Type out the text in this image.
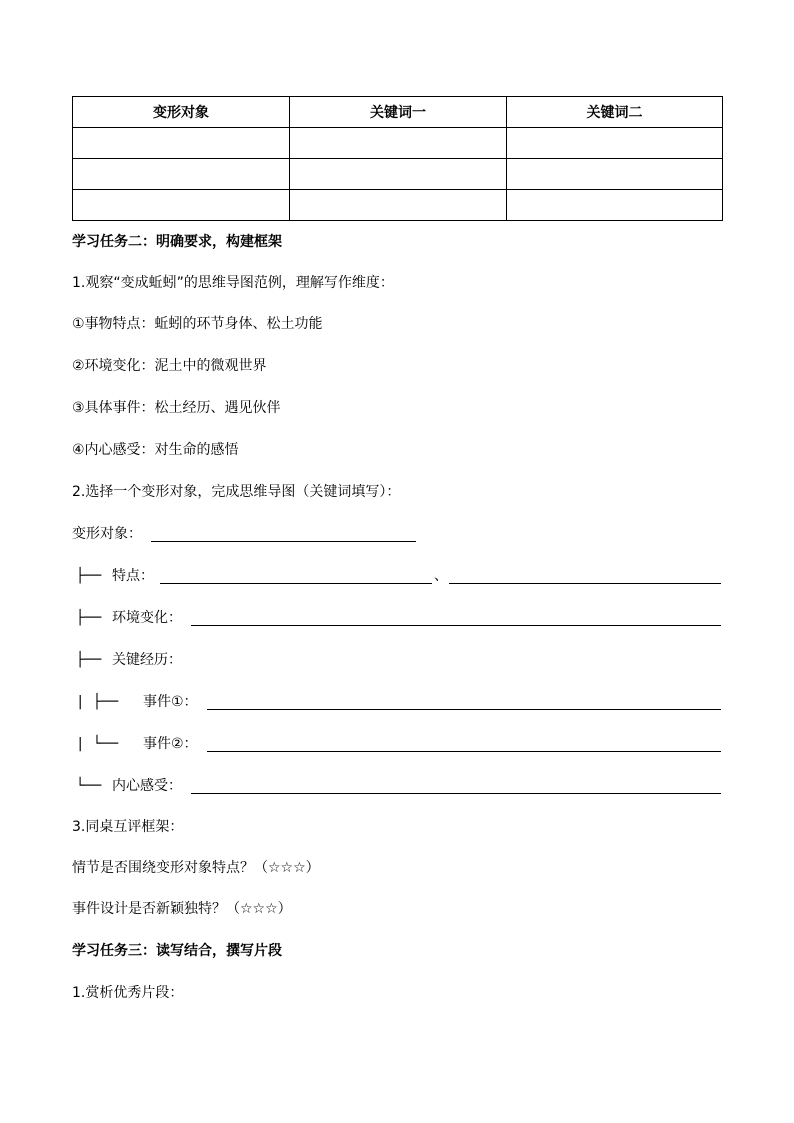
变形对象	关键词一	关键词二

学习任务二：明确要求，构建框架
1.观察“变成蚯蚓”的思维导图范例，理解写作维度：
①事物特点：蚯蚓的环节身体、松土功能
②环境变化：泥土中的微观世界
③具体事件：松土经历、遇见伙伴
④内心感受：对生命的感悟
2.选择一个变形对象，完成思维导图（关键词填写）：
变形对象：
├── 特点：	、
├── 环境变化：
├── 关键经历：
| ├── 事件①：
| └── 事件②：
└── 内心感受：
3.同桌互评框架：
情节是否围绕变形对象特点？（☆☆☆）
事件设计是否新颖独特？（☆☆☆）
学习任务三：读写结合，撰写片段
1.赏析优秀片段：
